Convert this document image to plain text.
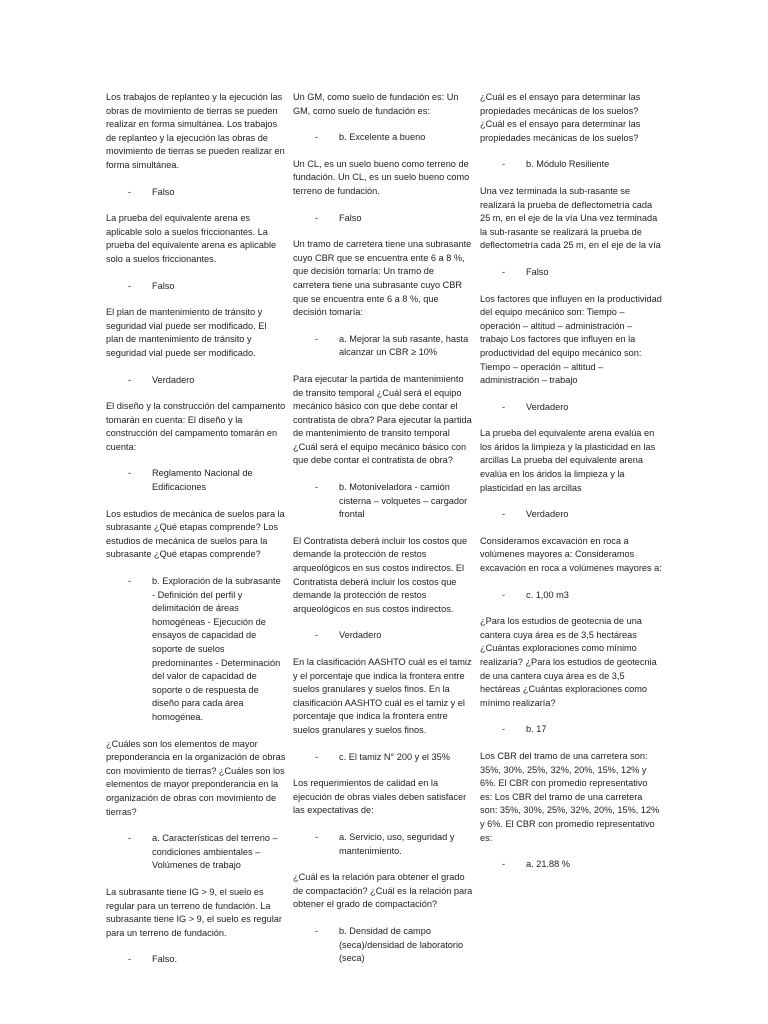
Los trabajos de replanteo y la ejecución las obras de movimiento de tierras se pueden realizar en forma simultánea. Los trabajos de replanteo y la ejecución las obras de movimiento de tierras se pueden realizar en forma simultánea.

- Falso

La prueba del equivalente arena es aplicable solo a suelos friccionantes. La prueba del equivalente arena es aplicable solo a suelos friccionantes.

- Falso

El plan de mantenimiento de tránsito y seguridad vial puede ser modificado. El plan de mantenimiento de tránsito y seguridad vial puede ser modificado.

- Verdadero

El diseño y la construcción del campamento tomarán en cuenta: El diseño y la construcción del campamento tomarán en cuenta:

- Reglamento Nacional de Edificaciones

Los estudios de mecánica de suelos para la subrasante ¿Qué etapas comprende? Los estudios de mecánica de suelos para la subrasante ¿Qué etapas comprende?

- b. Exploración de la subrasante - Definición del perfil y delimitación de áreas homogéneas - Ejecución de ensayos de capacidad de soporte de suelos predominantes - Determinación del valor de capacidad de soporte o de respuesta de diseño para cada área homogénea.

¿Cuáles son los elementos de mayor preponderancia en la organización de obras con movimiento de tierras? ¿Cuáles son los elementos de mayor preponderancia en la organización de obras con movimiento de tierras?

- a. Características del terreno – condiciones ambientales – Volúmenes de trabajo

La subrasante tiene IG > 9, el suelo es regular para un terreno de fundación. La subrasante tiene IG > 9, el suelo es regular para un terreno de fundación.

- Falso.

Un GM, como suelo de fundación es: Un GM, como suelo de fundación es:

- b. Excelente a bueno

Un CL, es un suelo bueno como terreno de fundación. Un CL, es un suelo bueno como terreno de fundación.

- Falso

Un tramo de carretera tiene una subrasante cuyo CBR que se encuentra ente 6 a 8 %, que decisión tomaría: Un tramo de carretera tiene una subrasante cuyo CBR que se encuentra ente 6 a 8 %, que decisión tomaría:

- a. Mejorar la sub rasante, hasta alcanzar un CBR ≥ 10%

Para ejecutar la partida de mantenimiento de transito temporal ¿Cuál será el equipo mecánico básico con que debe contar el contratista de obra? Para ejecutar la partida de mantenimiento de transito temporal ¿Cuál será el equipo mecánico básico con que debe contar el contratista de obra?

- b. Motoniveladora - camión cisterna – volquetes – cargador frontal

El Contratista deberá incluir los costos que demande la protección de restos arqueológicos en sus costos indirectos. El Contratista deberá incluir los costos que demande la protección de restos arqueológicos en sus costos indirectos.

- Verdadero

En la clasificación AASHTO cuál es el tamiz y el porcentaje que indica la frontera entre suelos granulares y suelos finos. En la clasificación AASHTO cuál es el tamiz y el porcentaje que indica la frontera entre suelos granulares y suelos finos.

- c. El tamiz N° 200 y el 35%

Los requerimientos de calidad en la ejecución de obras viales deben satisfacer las expectativas de:

- a. Servicio, uso, seguridad y mantenimiento.

¿Cuál es la relación para obtener el grado de compactación? ¿Cuál es la relación para obtener el grado de compactación?

- b. Densidad de campo (seca)/densidad de laboratorio (seca)

¿Cuál es el ensayo para determinar las propiedades mecánicas de los suelos? ¿Cuál es el ensayo para determinar las propiedades mecánicas de los suelos?

- b. Módulo Resiliente

Una vez terminada la sub-rasante se realizará la prueba de deflectometría cada 25 m, en el eje de la vía Una vez terminada la sub-rasante se realizará la prueba de deflectometría cada 25 m, en el eje de la vía

- Falso

Los factores que influyen en la productividad del equipo mecánico son: Tiempo – operación – altitud – administración – trabajo Los factores que influyen en la productividad del equipo mecánico son: Tiempo – operación – altitud – administración – trabajo

- Verdadero

La prueba del equivalente arena evalúa en los áridos la limpieza y la plasticidad en las arcillas La prueba del equivalente arena evalúa en los áridos la limpieza y la plasticidad en las arcillas

- Verdadero

Consideramos excavación en roca a volúmenes mayores a: Consideramos excavación en roca a volúmenes mayores a:

- c. 1,00 m3

¿Para los estudios de geotecnia de una cantera cuya área es de 3,5 hectáreas ¿Cuántas exploraciones como mínimo realizaría? ¿Para los estudios de geotecnia de una cantera cuya área es de 3,5 hectáreas ¿Cuántas exploraciones como mínimo realizaría?

- b. 17

Los CBR del tramo de una carretera son: 35%, 30%, 25%, 32%, 20%, 15%, 12% y 6%. El CBR con promedio representativo es: Los CBR del tramo de una carretera son: 35%, 30%, 25%, 32%, 20%, 15%, 12% y 6%. El CBR con promedio representativo es:

- a. 21.88 %
